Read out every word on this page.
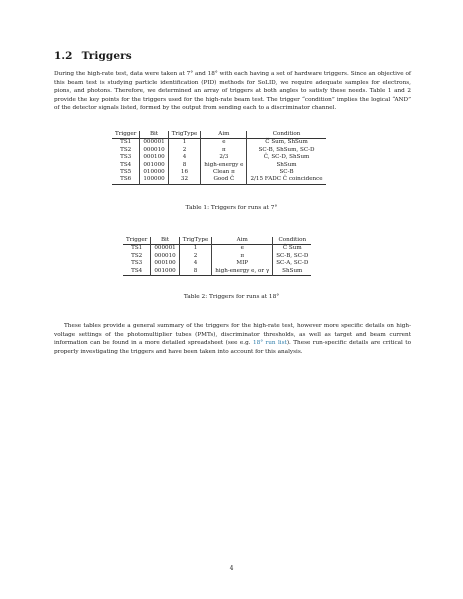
1.2 Triggers

During the high-rate test, data were taken at 7° and 18° with each having a set of hardware triggers. Since an objective of this beam test is studying particle identification (PID) methods for SoLID, we require adequate samples for electrons, pions, and photons. Therefore, we determined an array of triggers at both angles to satisfy these needs. Table 1 and 2 provide the key points for the triggers used for the high-rate beam test. The trigger “condition” implies the logical “AND” of the detector signals listed, formed by the output from sending each to a discriminator channel.

Trigger	Bit	TrigType	Aim	Condition
TS1	000001	1	e	Č Sum, ShSum
TS2	000010	2	π	SC-B, ShSum, SC-D
TS3	000100	4	2/3	Č, SC-D, ShSum
TS4	001000	8	high-energy e	ShSum
TS5	010000	16	Clean π	SC-B
TS6	100000	32	Good Č	2/15 FADC Č coincidence
Table 1: Triggers for runs at 7°
Trigger	Bit	TrigType	Aim	Condition
TS1	000001	1	e	Č Sum
TS2	000010	2	π	SC-B, SC-D
TS3	000100	4	MIP	SC-A, SC-D
TS4	001000	8	high-energy e, or γ	ShSum
Table 2: Triggers for runs at 18°

These tables provide a general summary of the triggers for the high-rate test, however more specific details on high-voltage settings of the photomultiplier tubes (PMTs), discriminator thresholds, as well as target and beam current information can be found in a more detailed spreadsheet (see e.g. 18° run list). These run-specific details are critical to properly investigating the triggers and have been taken into account for this analysis.

4
